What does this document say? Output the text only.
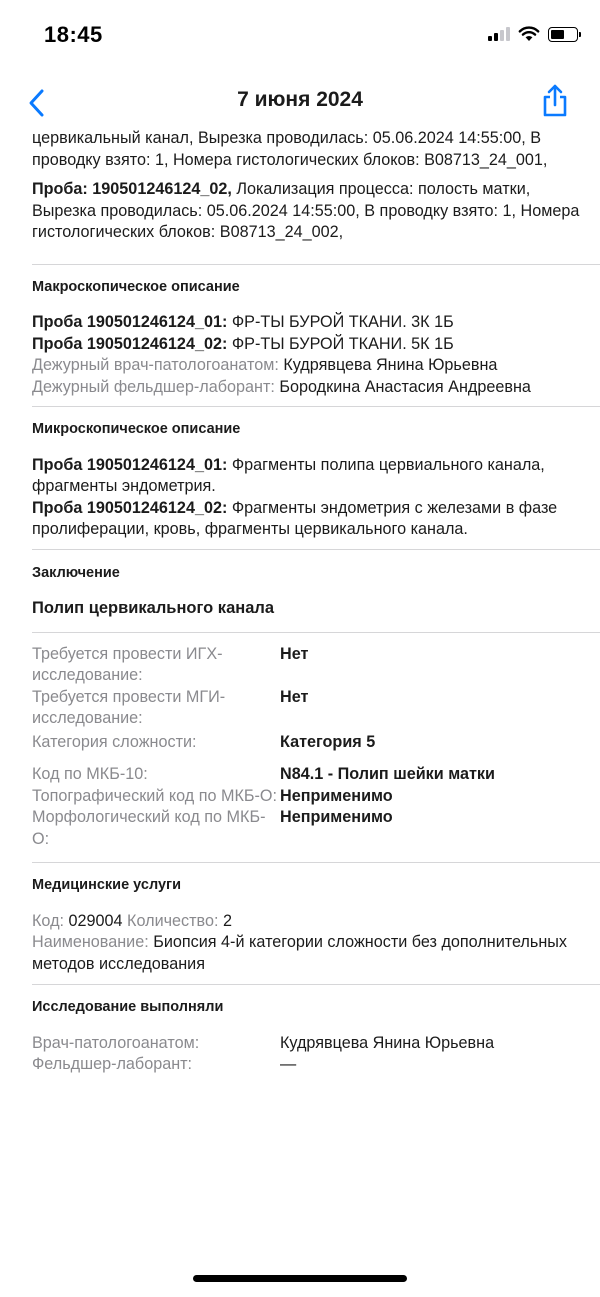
18:45
7 июня 2024

цервикальный канал, Вырезка проводилась: 05.06.2024 14:55:00, В проводку взято: 1, Номера гистологических блоков: B08713_24_001,

Проба: 190501246124_02, Локализация процесса: полость матки, Вырезка проводилась: 05.06.2024 14:55:00, В проводку взято: 1, Номера гистологических блоков: B08713_24_002,

Макроскопическое описание

Проба 190501246124_01: ФР-ТЫ БУРОЙ ТКАНИ. 3К 1Б

Проба 190501246124_02: ФР-ТЫ БУРОЙ ТКАНИ. 5К 1Б

Дежурный врач-патологоанатом: Кудрявцева Янина Юрьевна

Дежурный фельдшер-лаборант: Бородкина Анастасия Андреевна

Микроскопическое описание

Проба 190501246124_01: Фрагменты полипа цервиального канала, фрагменты эндометрия.

Проба 190501246124_02: Фрагменты эндометрия с железами в фазе пролиферации, кровь, фрагменты цервикального канала.

Заключение

Полип цервикального канала

Требуется провести ИГХ-исследование:
Нет
Требуется провести МГИ-исследование:
Нет
Категория сложности:	Категория 5
Код по МКБ-10:	N84.1 - Полип шейки матки
Топографический код по МКБ-О: Неприменимо
Морфологический код по МКБ-О:
Неприменимо

Медицинские услуги

Код: 029004 Количество: 2

Наименование: Биопсия 4-й категории сложности без дополнительных методов исследования

Исследование выполняли

Врач-патологоанатом:	Кудрявцева Янина Юрьевна
Фельдшер-лаборант:	—
